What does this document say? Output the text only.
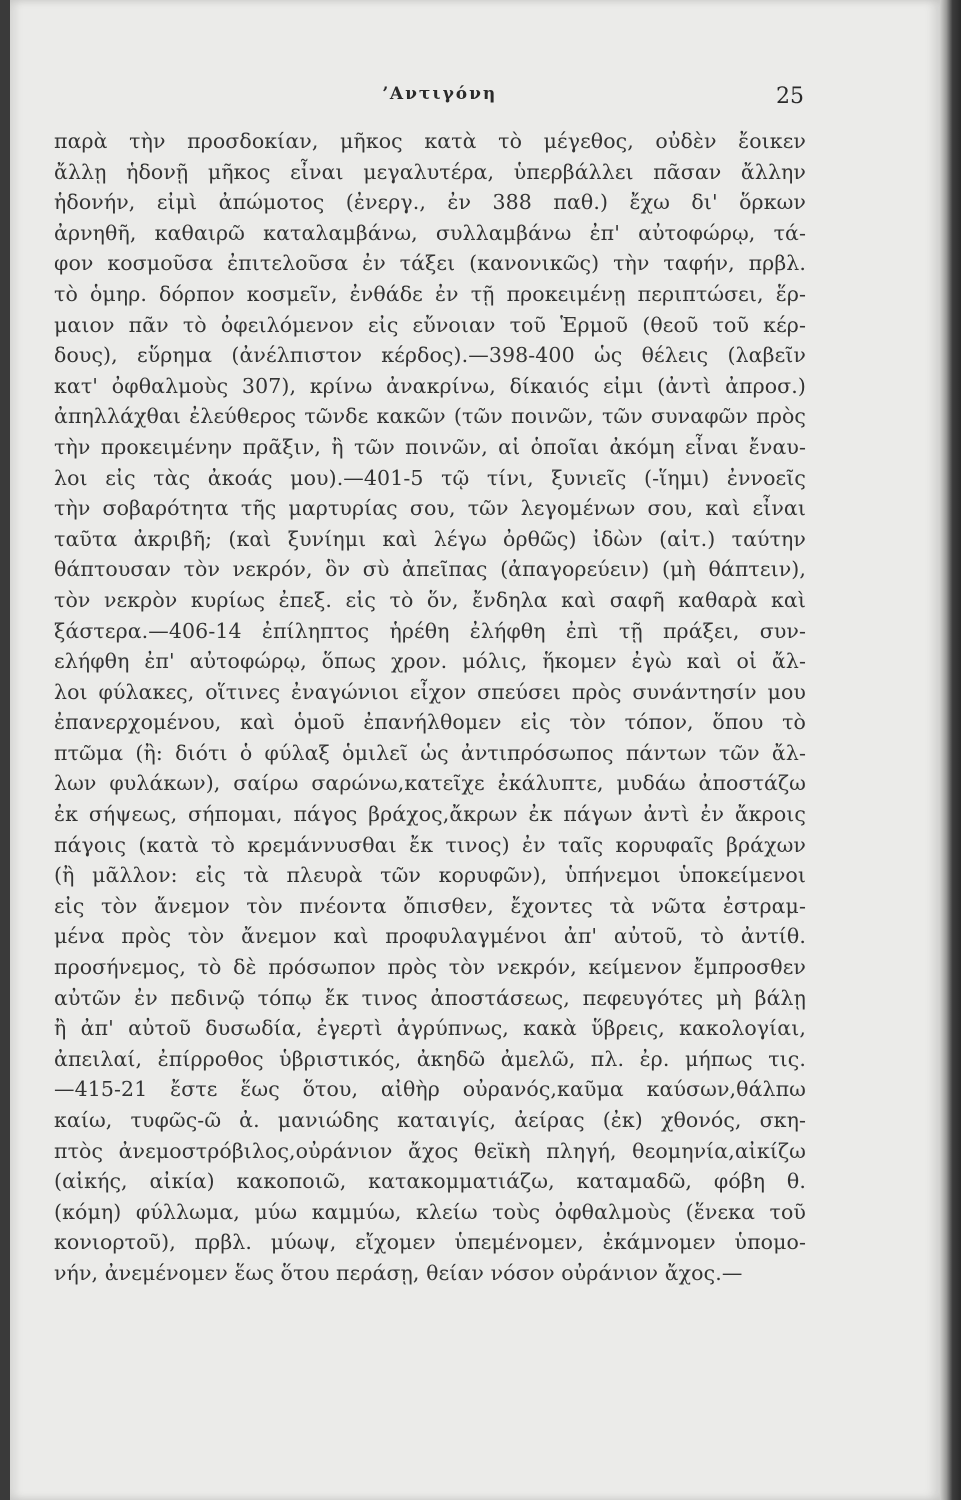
ʼΑντιγόνη	25
παρὰ τὴν προσδοκίαν, μῆκος κατὰ τὸ μέγεθος, οὐδὲν ἔοικεν
ἄλλῃ ἡδονῇ μῆκος εἶναι μεγαλυτέρα, ὑπερβάλλει πᾶσαν ἄλλην
ἡδονήν, εἰμὶ ἀπώμοτος (ἐνεργ., ἐν 388 παθ.) ἔχω δι' ὅρκων
ἀρνηθῆ, καθαιρῶ καταλαμβάνω, συλλαμβάνω ἐπ' αὐτοφώρῳ, τά-
φον κοσμοῦσα ἐπιτελοῦσα ἐν τάξει (κανονικῶς) τὴν ταφήν, πρβλ.
τὸ ὁμηρ. δόρπον κοσμεῖν, ἐνθάδε ἐν τῇ προκειμένῃ περιπτώσει, ἕρ-
μαιον πᾶν τὸ ὀφειλόμενον εἰς εὔνοιαν τοῦ Ἑρμοῦ (θεοῦ τοῦ κέρ-
δους), εὕρημα (ἀνέλπιστον κέρδος).—398-400 ὡς θέλεις (λαβεῖν
κατ' ὀφθαλμοὺς 307), κρίνω ἀνακρίνω, δίκαιός εἰμι (ἀντὶ ἀπροσ.)
ἀπηλλάχθαι ἐλεύθερος τῶνδε κακῶν (τῶν ποινῶν, τῶν συναφῶν πρὸς
τὴν προκειμένην πρᾶξιν, ἢ τῶν ποινῶν, αἱ ὁποῖαι ἀκόμη εἶναι ἔναυ-
λοι εἰς τὰς ἀκοάς μου).—401-5 τῷ τίνι, ξυνιεῖς (-ἵημι) ἐννοεῖς
τὴν σοβαρότητα τῆς μαρτυρίας σου, τῶν λεγομένων σου, καὶ εἶναι
ταῦτα ἀκριβῆ; (καὶ ξυνίημι καὶ λέγω ὀρθῶς) ἰδὼν (αἰτ.) ταύτην
θάπτουσαν τὸν νεκρόν, ὃν σὺ ἀπεῖπας (ἀπαγορεύειν) (μὴ θάπτειν),
τὸν νεκρὸν κυρίως ἐπεξ. εἰς τὸ ὅν, ἔνδηλα καὶ σαφῆ καθαρὰ καὶ
ξάστερα.—406-14 ἐπίληπτος ἡρέθη ἐλήφθη ἐπὶ τῇ πράξει, συν-
ελήφθη ἐπ' αὐτοφώρῳ, ὅπως χρον. μόλις, ἥκομεν ἐγὼ καὶ οἱ ἄλ-
λοι φύλακες, οἵτινες ἐναγώνιοι εἶχον σπεύσει πρὸς συνάντησίν μου
ἐπανερχομένου, καὶ ὁμοῦ ἐπανήλθομεν εἰς τὸν τόπον, ὅπου τὸ
πτῶμα (ἢ: διότι ὁ φύλαξ ὁμιλεῖ ὡς ἀντιπρόσωπος πάντων τῶν ἄλ-
λων φυλάκων), σαίρω σαρώνω,κατεῖχε ἐκάλυπτε, μυδάω ἀποστάζω
ἐκ σήψεως, σήπομαι, πάγος βράχος,ἄκρων ἐκ πάγων ἀντὶ ἐν ἄκροις
πάγοις (κατὰ τὸ κρεμάννυσθαι ἔκ τινος) ἐν ταῖς κορυφαῖς βράχων
(ἢ μᾶλλον: εἰς τὰ πλευρὰ τῶν κορυφῶν), ὑπήνεμοι ὑποκείμενοι
εἰς τὸν ἄνεμον τὸν πνέοντα ὄπισθεν, ἔχοντες τὰ νῶτα ἐστραμ-
μένα πρὸς τὸν ἄνεμον καὶ προφυλαγμένοι ἀπ' αὐτοῦ, τὸ ἀντίθ.
προσήνεμος, τὸ δὲ πρόσωπον πρὸς τὸν νεκρόν, κείμενον ἔμπροσθεν
αὐτῶν ἐν πεδινῷ τόπῳ ἔκ τινος ἀποστάσεως, πεφευγότες μὴ βάλῃ
ἢ ἀπ' αὐτοῦ δυσωδία, ἐγερτὶ ἀγρύπνως, κακὰ ὕβρεις, κακολογίαι,
ἀπειλαί, ἐπίρροθος ὑβριστικός, ἀκηδῶ ἀμελῶ, πλ. ἐρ. μήπως τις.
—415-21 ἔστε ἕως ὅτου, αἰθὴρ οὐρανός,καῦμα καύσων,θάλπω
καίω, τυφῶς-ῶ ἀ. μανιώδης καταιγίς, ἀείρας (ἐκ) χθονός, σκη-
πτὸς ἀνεμοστρόβιλος,οὐράνιον ἄχος θεϊκὴ πληγή, θεομηνία,αἰκίζω
(αἰκής, αἰκία) κακοποιῶ, κατακομματιάζω, καταμαδῶ, φόβη θ.
(κόμη) φύλλωμα, μύω καμμύω, κλείω τοὺς ὀφθαλμοὺς (ἕνεκα τοῦ
κονιορτοῦ), πρβλ. μύωψ, εἴχομεν ὑπεμένομεν, ἐκάμνομεν ὑπομο-
νήν, ἀνεμένομεν ἕως ὅτου περάσῃ, θείαν νόσον οὐράνιον ἄχος.—
